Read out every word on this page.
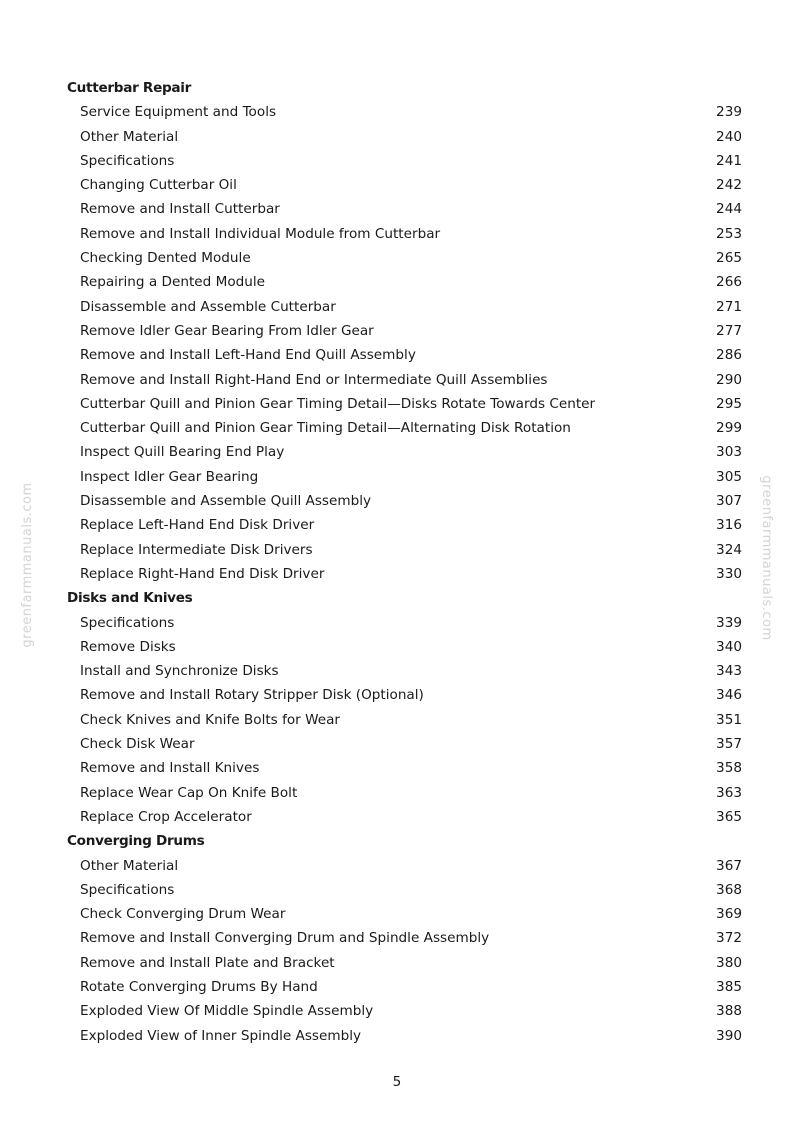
greenfarmmanuals.com	greenfarmmanuals.com
Cutterbar Repair
Service Equipment and Tools	239
Other Material	240
Specifications	241
Changing Cutterbar Oil	242
Remove and Install Cutterbar	244
Remove and Install Individual Module from Cutterbar	253
Checking Dented Module	265
Repairing a Dented Module	266
Disassemble and Assemble Cutterbar	271
Remove Idler Gear Bearing From Idler Gear	277
Remove and Install Left-Hand End Quill Assembly	286
Remove and Install Right-Hand End or Intermediate Quill Assemblies	290
Cutterbar Quill and Pinion Gear Timing Detail—Disks Rotate Towards Center	295
Cutterbar Quill and Pinion Gear Timing Detail—Alternating Disk Rotation	299
Inspect Quill Bearing End Play	303
Inspect Idler Gear Bearing	305
Disassemble and Assemble Quill Assembly	307
Replace Left-Hand End Disk Driver	316
Replace Intermediate Disk Drivers	324
Replace Right-Hand End Disk Driver	330
Disks and Knives
Specifications	339
Remove Disks	340
Install and Synchronize Disks	343
Remove and Install Rotary Stripper Disk (Optional)	346
Check Knives and Knife Bolts for Wear	351
Check Disk Wear	357
Remove and Install Knives	358
Replace Wear Cap On Knife Bolt	363
Replace Crop Accelerator	365
Converging Drums
Other Material	367
Specifications	368
Check Converging Drum Wear	369
Remove and Install Converging Drum and Spindle Assembly	372
Remove and Install Plate and Bracket	380
Rotate Converging Drums By Hand	385
Exploded View Of Middle Spindle Assembly	388
Exploded View of Inner Spindle Assembly	390
5
